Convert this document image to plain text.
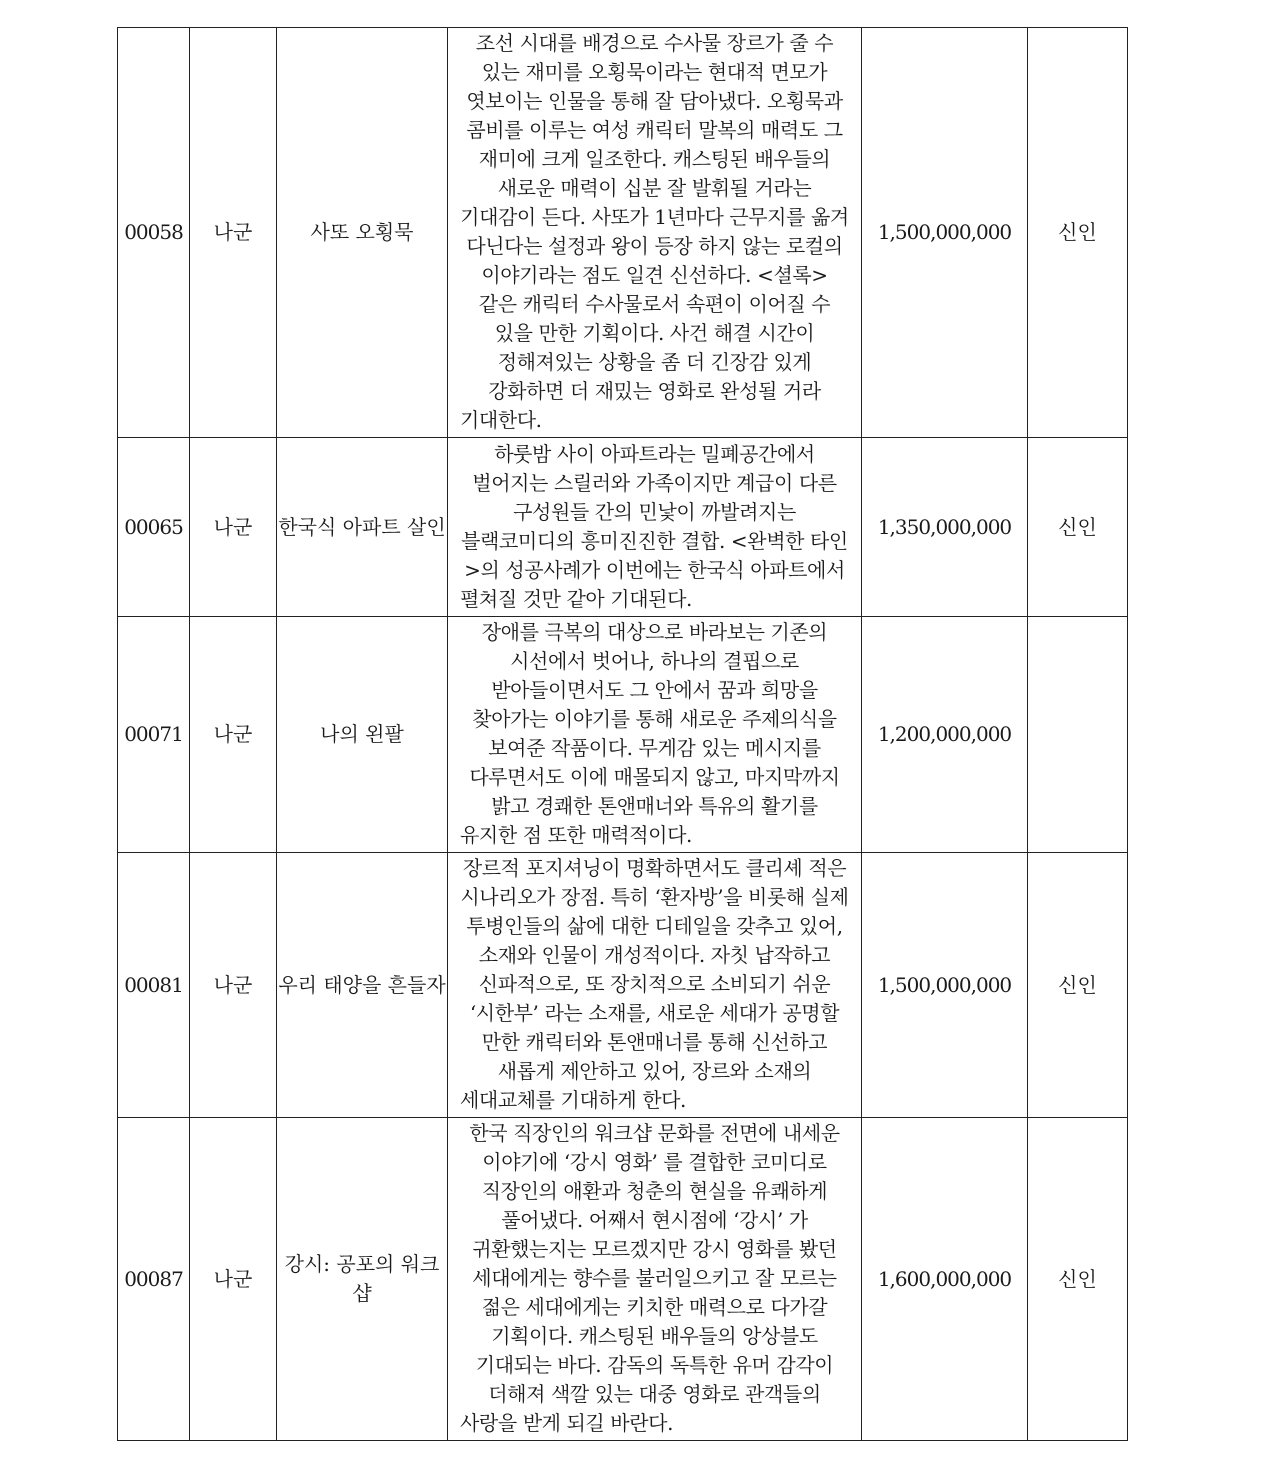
00058	나군	사또 오횡묵	조선 시대를 배경으로 수사물 장르가 줄 수 있는 재미를 오횡묵이라는 현대적 면모가 엿보이는 인물을 통해 잘 담아냈다. 오횡묵과 콤비를 이루는 여성 캐릭터 말복의 매력도 그 재미에 크게 일조한다. 캐스팅된 배우들의 새로운 매력이 십분 잘 발휘될 거라는 기대감이 든다. 사또가 1년마다 근무지를 옮겨 다닌다는 설정과 왕이 등장 하지 않는 로컬의 이야기라는 점도 일견 신선하다. <셜록> 같은 캐릭터 수사물로서 속편이 이어질 수 있을 만한 기획이다. 사건 해결 시간이 정해져있는 상황을 좀 더 긴장감 있게 강화하면 더 재밌는 영화로 완성될 거라 기대한다.	1,500,000,000	신인
00065	나군	한국식 아파트 살인	하룻밤 사이 아파트라는 밀폐공간에서 벌어지는 스릴러와 가족이지만 계급이 다른 구성원들 간의 민낯이 까발려지는 블랙코미디의 흥미진진한 결합. <완벽한 타인>의 성공사례가 이번에는 한국식 아파트에서 펼쳐질 것만 같아 기대된다.	1,350,000,000	신인
00071	나군	나의 왼팔	장애를 극복의 대상으로 바라보는 기존의 시선에서 벗어나, 하나의 결핍으로 받아들이면서도 그 안에서 꿈과 희망을 찾아가는 이야기를 통해 새로운 주제의식을 보여준 작품이다. 무게감 있는 메시지를 다루면서도 이에 매몰되지 않고, 마지막까지 밝고 경쾌한 톤앤매너와 특유의 활기를 유지한 점 또한 매력적이다.	1,200,000,000	
00081	나군	우리 태양을 흔들자	장르적 포지셔닝이 명확하면서도 클리셰 적은 시나리오가 장점. 특히 ‘환자방’을 비롯해 실제 투병인들의 삶에 대한 디테일을 갖추고 있어, 소재와 인물이 개성적이다. 자칫 납작하고 신파적으로, 또 장치적으로 소비되기 쉬운 ‘시한부’ 라는 소재를, 새로운 세대가 공명할 만한 캐릭터와 톤앤매너를 통해 신선하고 새롭게 제안하고 있어, 장르와 소재의 세대교체를 기대하게 한다.	1,500,000,000	신인
00087	나군	강시: 공포의 워크샵	한국 직장인의 워크샵 문화를 전면에 내세운 이야기에 ‘강시 영화’ 를 결합한 코미디로 직장인의 애환과 청춘의 현실을 유쾌하게 풀어냈다. 어째서 현시점에 ‘강시’ 가 귀환했는지는 모르겠지만 강시 영화를 봤던 세대에게는 향수를 불러일으키고 잘 모르는 젊은 세대에게는 키치한 매력으로 다가갈 기획이다. 캐스팅된 배우들의 앙상블도 기대되는 바다. 감독의 독특한 유머 감각이 더해져 색깔 있는 대중 영화로 관객들의 사랑을 받게 되길 바란다.	1,600,000,000	신인
